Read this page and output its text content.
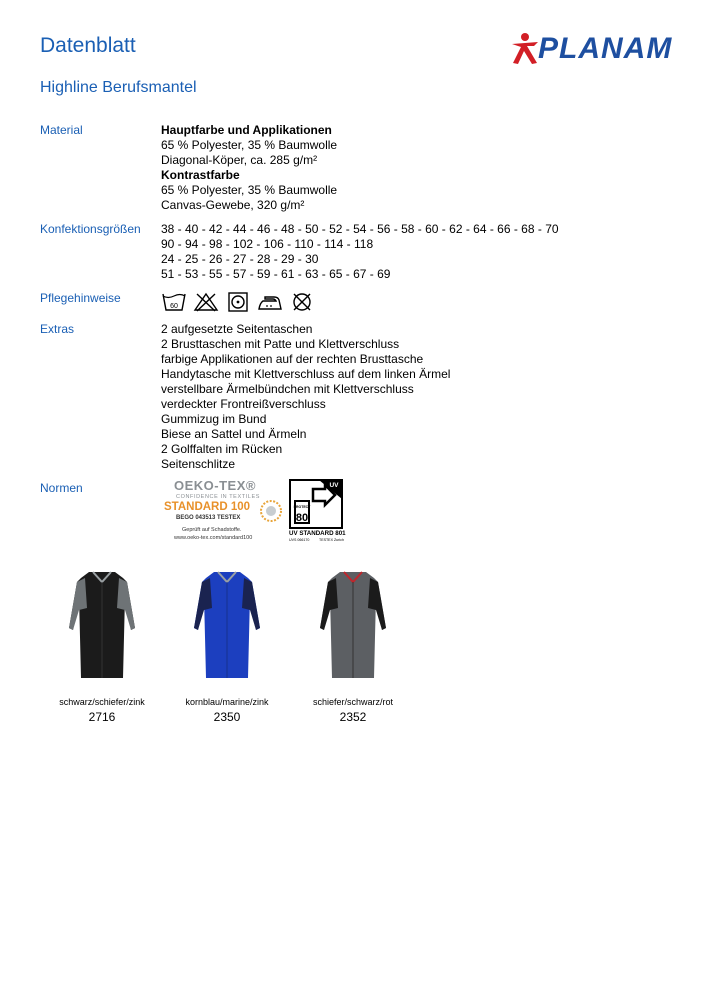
Datenblatt
Highline Berufsmantel
PLANAM
Material	Hauptfarbe und Applikationen
65 % Polyester, 35 % Baumwolle
Diagonal-Köper, ca. 285 g/m²
Kontrastfarbe
65 % Polyester, 35 % Baumwolle
Canvas-Gewebe, 320 g/m²
Konfektionsgrößen 38 - 40 - 42 - 44 - 46 - 48 - 50 - 52 - 54 - 56 - 58 - 60 - 62 - 64 - 66 - 68 - 70
90 - 94 - 98 - 102 - 106 - 110 - 114 - 118
24 - 25 - 26 - 27 - 28 - 29 - 30
51 - 53 - 55 - 57 - 59 - 61 - 63 - 65 - 67 - 69
Pflegehinweise
60
Extras	2 aufgesetzte Seitentaschen
2 Brusttaschen mit Patte und Klettverschluss
farbige Applikationen auf der rechten Brusttasche
Handytasche mit Klettverschluss auf dem linken Ärmel
verstellbare Ärmelbündchen mit Klettverschluss
verdeckter Frontreißverschluss
Gummizug im Bund
Biese an Sattel und Ärmeln
2 Golffalten im Rücken
Seitenschlitze
Normen	OEKO-TEX®
CONFIDENCE IN TEXTILES
STANDARD 100
BEGO 043513 TESTEX
Geprüft auf Schadstoffe.
www.oeko-tex.com/standard100
UV
PROTECT
80
UV STANDARD 801
UVS 066170	TESTEX Zurich
schwarz/schiefer/zink
2716
kornblau/marine/zink
2350
schiefer/schwarz/rot
2352
